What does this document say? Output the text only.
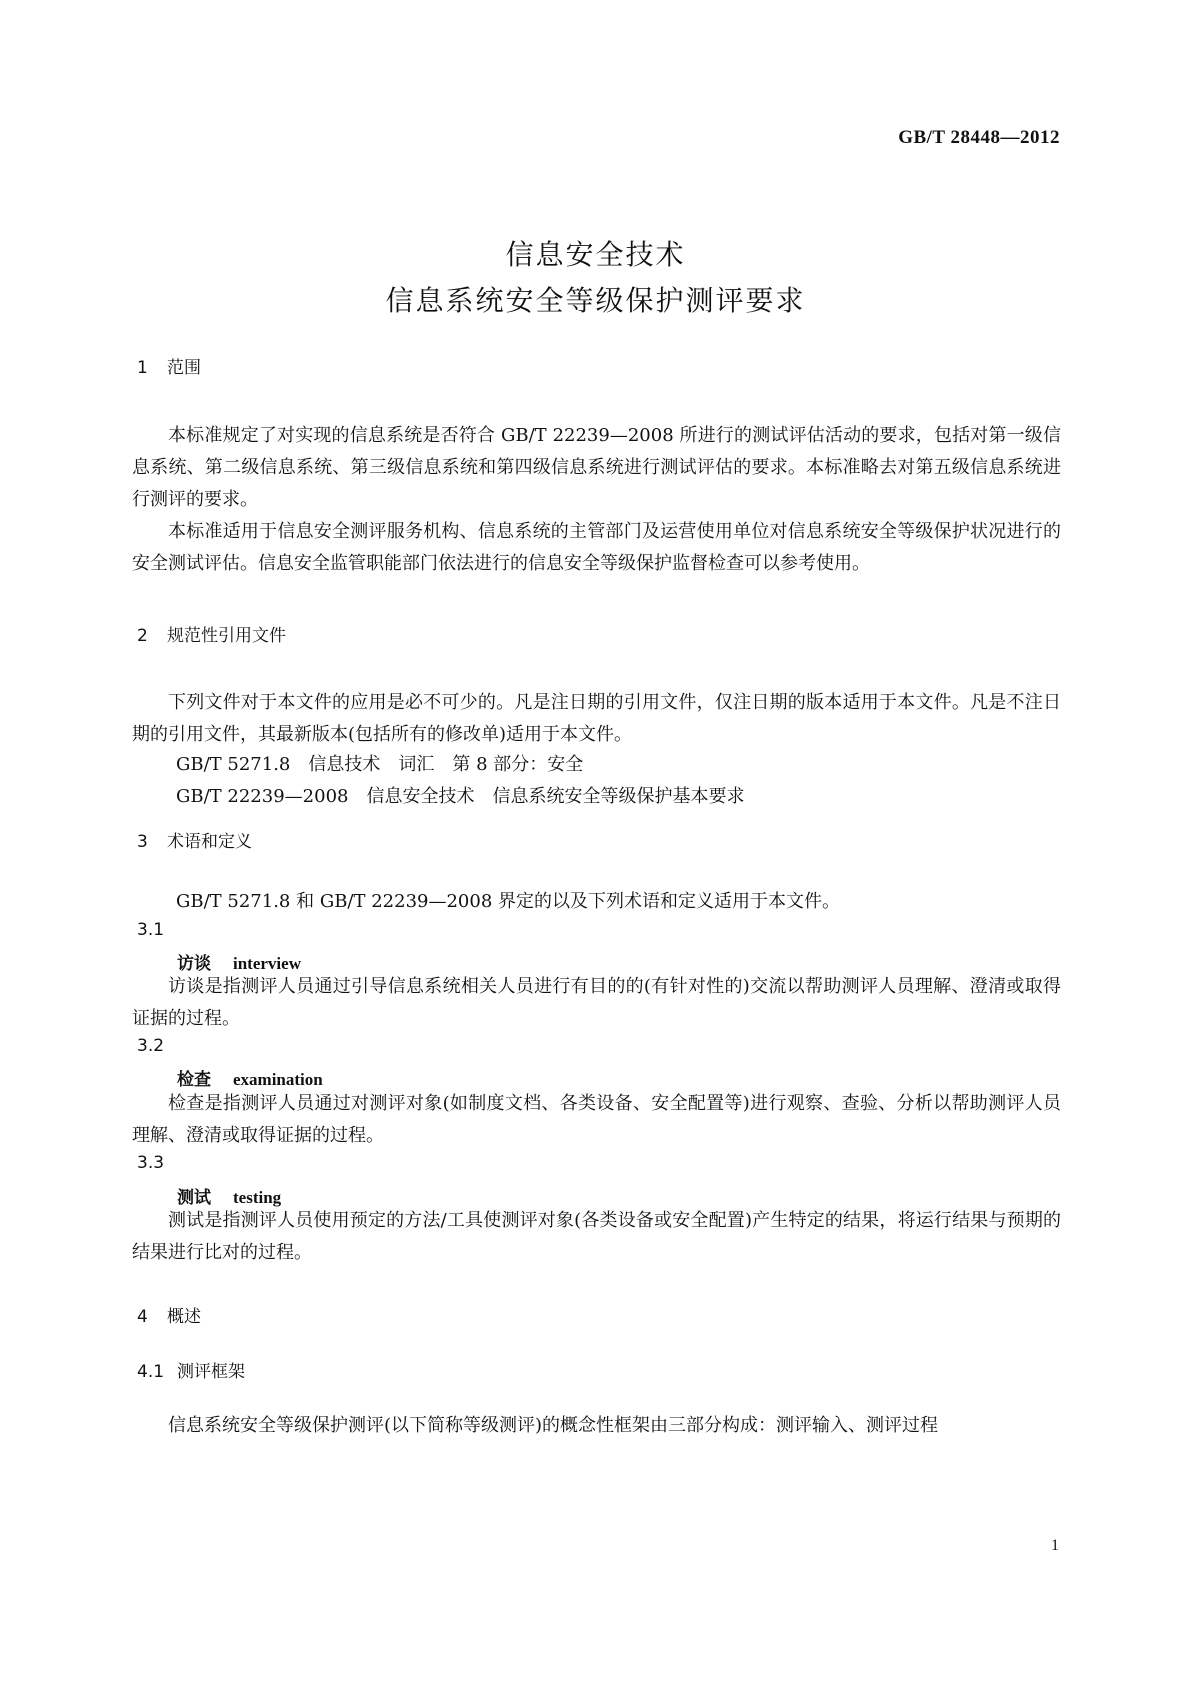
GB/T 28448—2012
信息安全技术
信息系统安全等级保护测评要求
1 范围

本标准规定了对实现的信息系统是否符合 GB/T 22239—2008 所进行的测试评估活动的要求，包括对第一级信息系统、第二级信息系统、第三级信息系统和第四级信息系统进行测试评估的要求。本标准略去对第五级信息系统进行测评的要求。

本标准适用于信息安全测评服务机构、信息系统的主管部门及运营使用单位对信息系统安全等级保护状况进行的安全测试评估。信息安全监管职能部门依法进行的信息安全等级保护监督检查可以参考使用。

2 规范性引用文件

下列文件对于本文件的应用是必不可少的。凡是注日期的引用文件，仅注日期的版本适用于本文件。凡是不注日期的引用文件，其最新版本(包括所有的修改单)适用于本文件。

GB/T 5271.8　信息技术　词汇　第 8 部分：安全
GB/T 22239—2008　信息安全技术　信息系统安全等级保护基本要求
3 术语和定义
GB/T 5271.8 和 GB/T 22239—2008 界定的以及下列术语和定义适用于本文件。
3.1
访谈 interview

访谈是指测评人员通过引导信息系统相关人员进行有目的的(有针对性的)交流以帮助测评人员理解、澄清或取得证据的过程。

3.2
检查 examination

检查是指测评人员通过对测评对象(如制度文档、各类设备、安全配置等)进行观察、查验、分析以帮助测评人员理解、澄清或取得证据的过程。

3.3
测试 testing

测试是指测评人员使用预定的方法/工具使测评对象(各类设备或安全配置)产生特定的结果，将运行结果与预期的结果进行比对的过程。

4 概述
4.1 测评框架

信息系统安全等级保护测评(以下简称等级测评)的概念性框架由三部分构成：测评输入、测评过程

1
